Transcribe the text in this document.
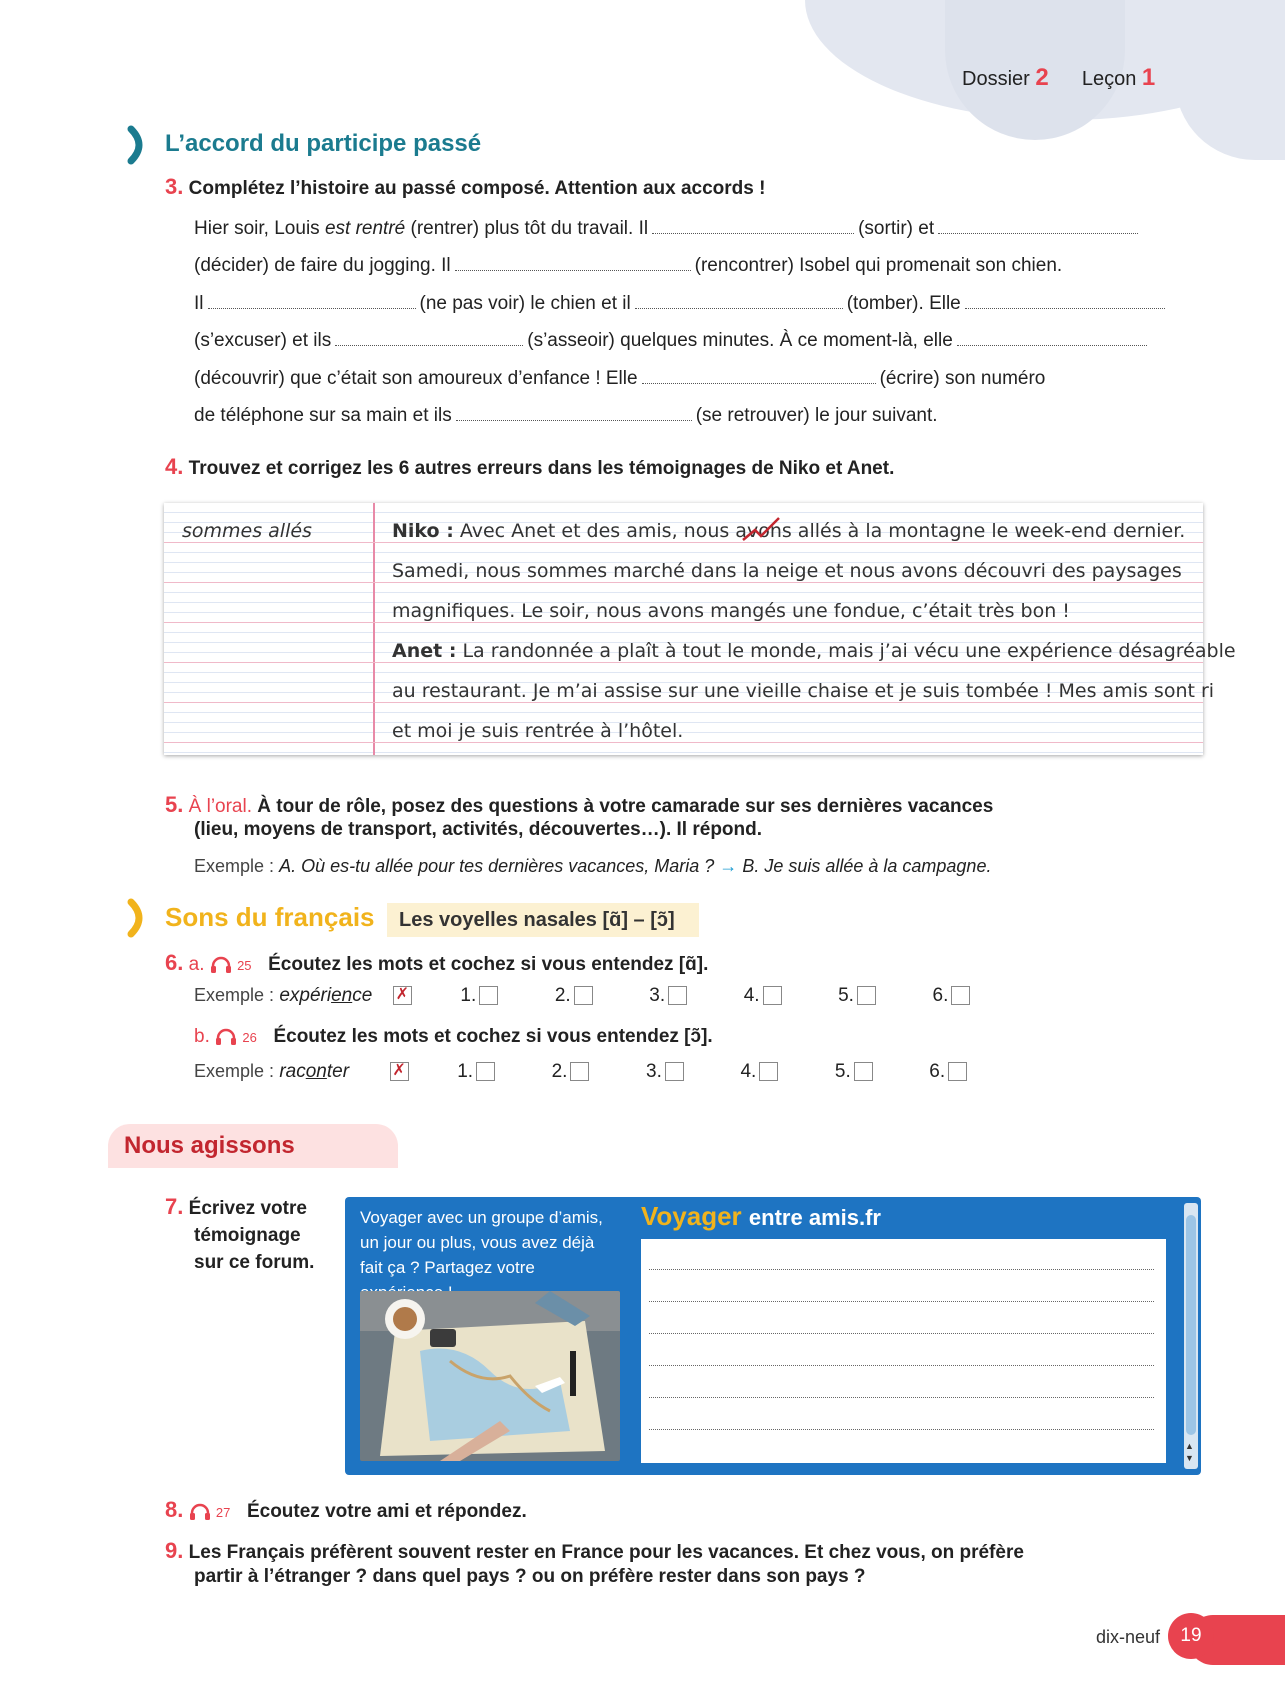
Dossier 2 Leçon 1
L’accord du participe passé
3. Complétez l’histoire au passé composé. Attention aux accords !
Hier soir, Louis est rentré (rentrer) plus tôt du travail. Il	(sortir) et
(décider) de faire du jogging. Il	(rencontrer) Isobel qui promenait son chien.
Il	(ne pas voir) le chien et il	(tomber). Elle
(s’excuser) et ils	(s’asseoir) quelques minutes. À ce moment-là, elle
(découvrir) que c’était son amoureux d’enfance ! Elle	(écrire) son numéro
de téléphone sur sa main et ils	(se retrouver) le jour suivant.
4. Trouvez et corrigez les 6 autres erreurs dans les témoignages de Niko et Anet.
sommes allés	Niko : Avec Anet et des amis, nous avons
allés à la montagne le week-end dernier.
Samedi, nous sommes marché dans la neige et nous avons découvri des paysages
magnifiques. Le soir, nous avons mangés une fondue, c’était très bon !
Anet : La randonnée a plaît à tout le monde, mais j’ai vécu une expérience désagréable
au restaurant. Je m’ai assise sur une vieille chaise et je suis tombée ! Mes amis sont ri
et moi je suis rentrée à l’hôtel.
5. À l’oral. À tour de rôle, posez des questions à votre camarade sur ses dernières vacances
(lieu, moyens de transport, activités, découvertes…). Il répond.
Exemple : A. Où es-tu allée pour tes dernières vacances, Maria ? → B. Je suis allée à la campagne.
Sons du français	Les voyelles nasales [ɑ̃] – [ɔ̃]
6. a.	25 Écoutez les mots et cochez si vous entendez [ɑ̃].
Exemple : expérience ✗	1.	2.	3.	4.	5.	6.
b.	26 Écoutez les mots et cochez si vous entendez [ɔ̃].
Exemple : raconter	✗	1.	2.	3.	4.	5.	6.
Nous agissons
7. Écrivez votre
témoignage
sur ce forum.
Voyager avec un groupe d’amis, un jour ou plus, vous avez déjà fait ça ? Partagez votre
Voyager entre amis.fr
▲
▼
8.	27 Écoutez votre ami et répondez.
9. Les Français préfèrent souvent rester en France pour les vacances. Et chez vous, on préfère
partir à l’étranger ? dans quel pays ? ou on préfère rester dans son pays ?
dix-neuf	19
